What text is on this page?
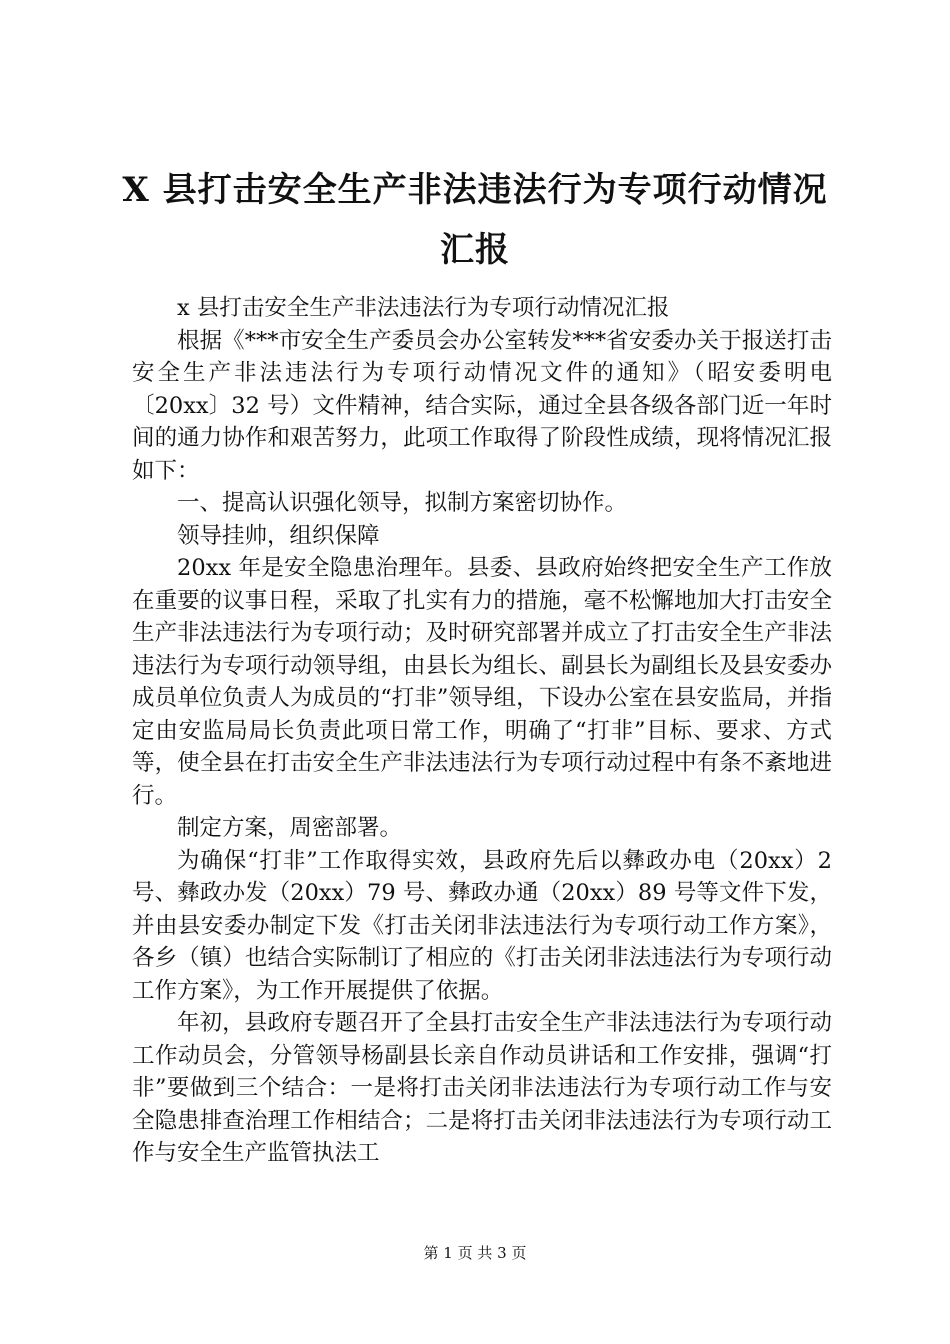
X 县打击安全生产非法违法行为专项行动情况汇报

x 县打击安全生产非法违法行为专项行动情况汇报

根据《***市安全生产委员会办公室转发***省安委办关于报送打击安全生产非法违法行为专项行动情况文件的通知》（昭安委明电〔20xx〕32 号）文件精神，结合实际，通过全县各级各部门近一年时间的通力协作和艰苦努力，此项工作取得了阶段性成绩，现将情况汇报如下：

一、提高认识强化领导，拟制方案密切协作。

领导挂帅，组织保障

20xx 年是安全隐患治理年。县委、县政府始终把安全生产工作放在重要的议事日程，采取了扎实有力的措施，毫不松懈地加大打击安全生产非法违法行为专项行动；及时研究部署并成立了打击安全生产非法违法行为专项行动领导组，由县长为组长、副县长为副组长及县安委办成员单位负责人为成员的“打非”领导组，下设办公室在县安监局，并指定由安监局局长负责此项日常工作，明确了“打非”目标、要求、方式等，使全县在打击安全生产非法违法行为专项行动过程中有条不紊地进行。

制定方案，周密部署。

为确保“打非”工作取得实效，县政府先后以彝政办电（20xx）2 号、彝政办发（20xx）79 号、彝政办通（20xx）89 号等文件下发，并由县安委办制定下发《打击关闭非法违法行为专项行动工作方案》，各乡（镇）也结合实际制订了相应的《打击关闭非法违法行为专项行动工作方案》，为工作开展提供了依据。

年初，县政府专题召开了全县打击安全生产非法违法行为专项行动工作动员会，分管领导杨副县长亲自作动员讲话和工作安排，强调“打非”要做到三个结合：一是将打击关闭非法违法行为专项行动工作与安全隐患排查治理工作相结合；二是将打击关闭非法违法行为专项行动工作与安全生产监管执法工

第 1 页 共 3 页
